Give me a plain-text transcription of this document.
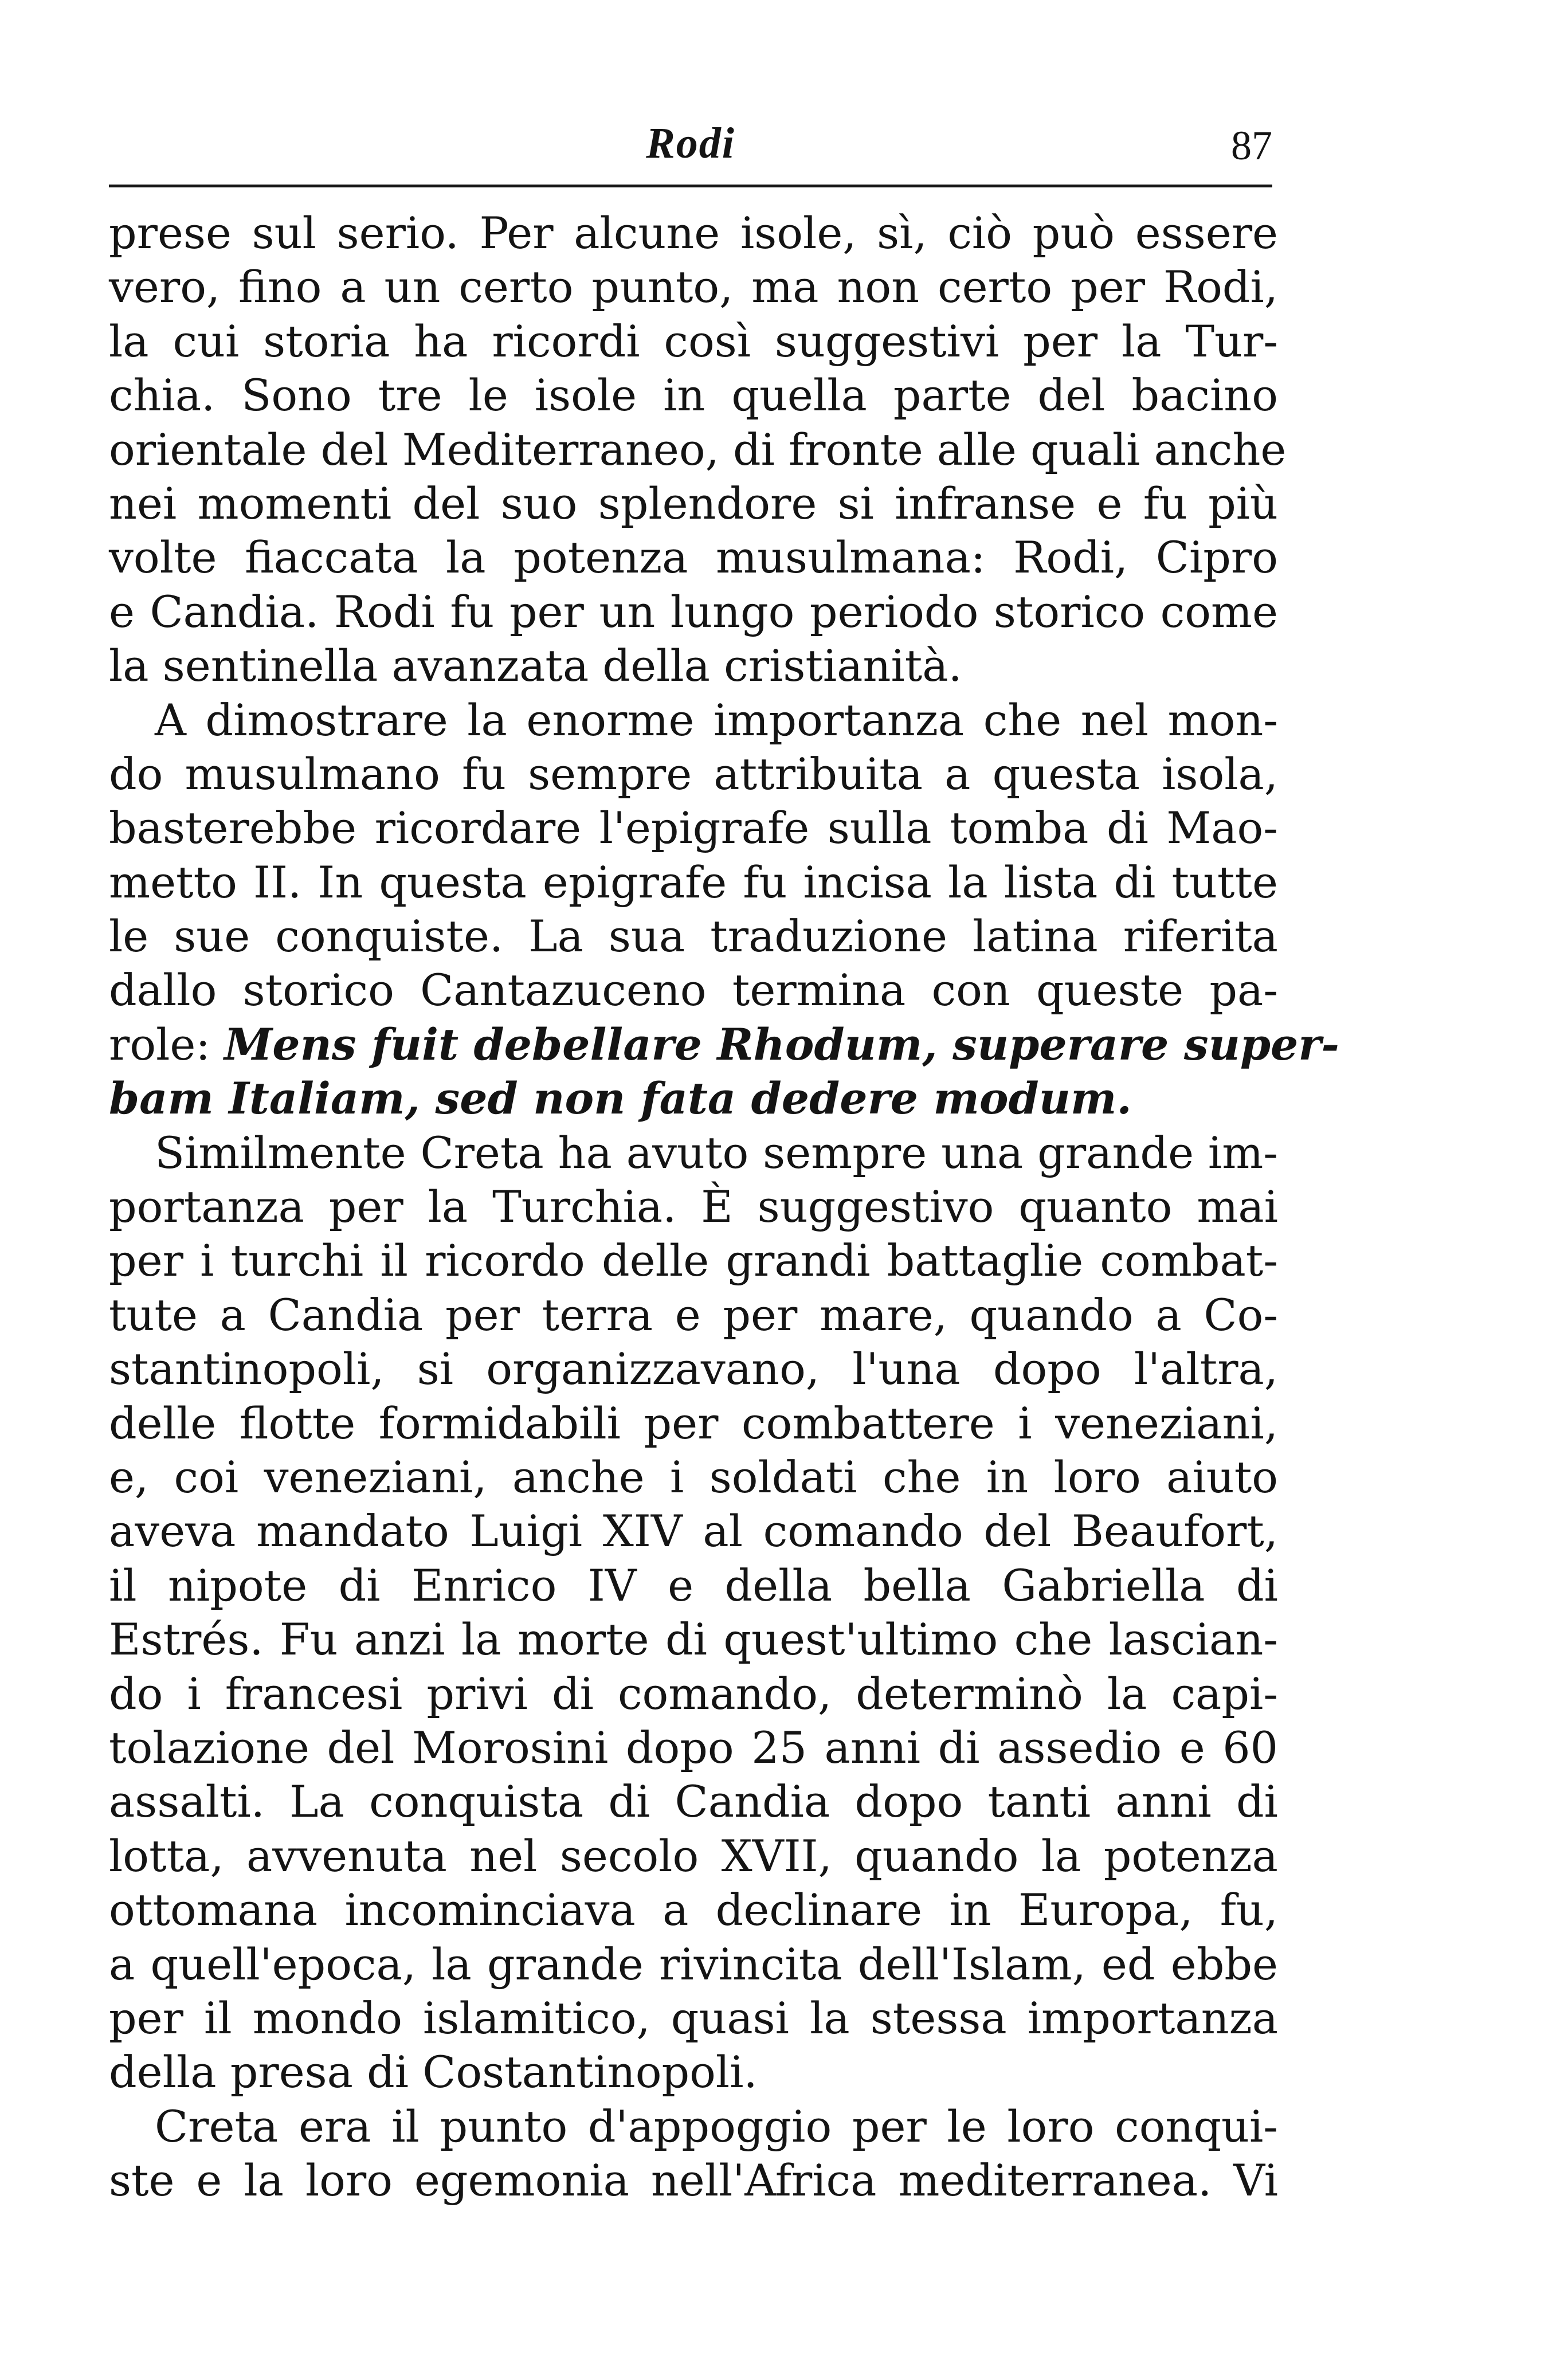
Rodi	87
prese sul serio. Per alcune isole, sì, ciò può essere
vero, fino a un certo punto, ma non certo per Rodi,
la cui storia ha ricordi così suggestivi per la Tur-
chia. Sono tre le isole in quella parte del bacino
orientale del Mediterraneo, di fronte alle quali anche
nei momenti del suo splendore si infranse e fu più
volte fiaccata la potenza musulmana: Rodi, Cipro
e Candia. Rodi fu per un lungo periodo storico come
la sentinella avanzata della cristianità.
A dimostrare la enorme importanza che nel mon-
do musulmano fu sempre attribuita a questa isola,
basterebbe ricordare l'epigrafe sulla tomba di Mao-
metto II. In questa epigrafe fu incisa la lista di tutte
le sue conquiste. La sua traduzione latina riferita
dallo storico Cantazuceno termina con queste pa-
role: Mens fuit debellare Rhodum, superare super-
bam Italiam, sed non fata dedere modum.
Similmente Creta ha avuto sempre una grande im-
portanza per la Turchia. È suggestivo quanto mai
per i turchi il ricordo delle grandi battaglie combat-
tute a Candia per terra e per mare, quando a Co-
stantinopoli, si organizzavano, l'una dopo l'altra,
delle flotte formidabili per combattere i veneziani,
e, coi veneziani, anche i soldati che in loro aiuto
aveva mandato Luigi XIV al comando del Beaufort,
il nipote di Enrico IV e della bella Gabriella di
Estrés. Fu anzi la morte di quest'ultimo che lascian-
do i francesi privi di comando, determinò la capi-
tolazione del Morosini dopo 25 anni di assedio e 60
assalti. La conquista di Candia dopo tanti anni di
lotta, avvenuta nel secolo XVII, quando la potenza
ottomana incominciava a declinare in Europa, fu,
a quell'epoca, la grande rivincita dell'Islam, ed ebbe
per il mondo islamitico, quasi la stessa importanza
della presa di Costantinopoli.
Creta era il punto d'appoggio per le loro conqui-
ste e la loro egemonia nell'Africa mediterranea. Vi
